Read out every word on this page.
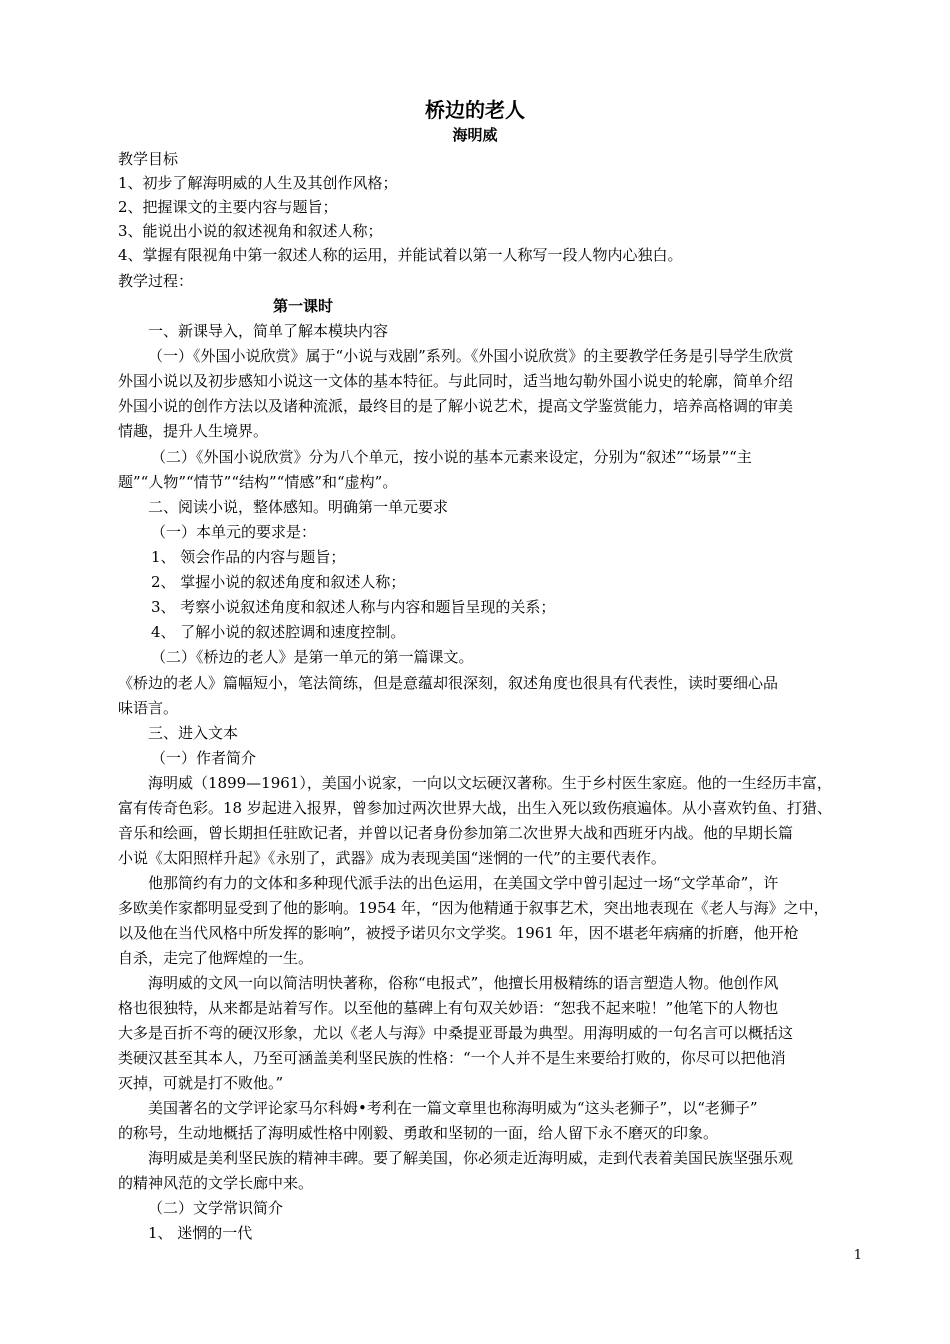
桥边的老人
海明威
教学目标
1、初步了解海明威的人生及其创作风格；
2、把握课文的主要内容与题旨；
3、能说出小说的叙述视角和叙述人称；
4、掌握有限视角中第一叙述人称的运用，并能试着以第一人称写一段人物内心独白。
教学过程：
第一课时
一、新课导入，简单了解本模块内容
（一）《外国小说欣赏》属于“小说与戏剧”系列。《外国小说欣赏》的主要教学任务是引导学生欣赏
外国小说以及初步感知小说这一文体的基本特征。与此同时，适当地勾勒外国小说史的轮廓，简单介绍
外国小说的创作方法以及诸种流派，最终目的是了解小说艺术，提高文学鉴赏能力，培养高格调的审美
情趣，提升人生境界。
（二）《外国小说欣赏》分为八个单元，按小说的基本元素来设定，分别为“叙述”“场景”“主
题”“人物”“情节”“结构”“情感”和“虚构”。
二、阅读小说，整体感知。明确第一单元要求
（一）本单元的要求是：
1、 领会作品的内容与题旨；
2、 掌握小说的叙述角度和叙述人称；
3、 考察小说叙述角度和叙述人称与内容和题旨呈现的关系；
4、 了解小说的叙述腔调和速度控制。
（二）《桥边的老人》是第一单元的第一篇课文。
《桥边的老人》篇幅短小，笔法简练，但是意蕴却很深刻，叙述角度也很具有代表性，读时要细心品
味语言。
三、进入文本
（一）作者简介
海明威（1899—1961），美国小说家，一向以文坛硬汉著称。生于乡村医生家庭。他的一生经历丰富，
富有传奇色彩。18 岁起进入报界，曾参加过两次世界大战，出生入死以致伤痕遍体。从小喜欢钓鱼、打猎、
音乐和绘画，曾长期担任驻欧记者，并曾以记者身份参加第二次世界大战和西班牙内战。他的早期长篇
小说《太阳照样升起》《永别了，武器》成为表现美国“迷惘的一代”的主要代表作。
他那简约有力的文体和多种现代派手法的出色运用，在美国文学中曾引起过一场“文学革命”，许
多欧美作家都明显受到了他的影响。1954 年，“因为他精通于叙事艺术，突出地表现在《老人与海》之中，
以及他在当代风格中所发挥的影响”，被授予诺贝尔文学奖。1961 年，因不堪老年病痛的折磨，他开枪
自杀，走完了他辉煌的一生。
海明威的文风一向以简洁明快著称，俗称“电报式”，他擅长用极精练的语言塑造人物。他创作风
格也很独特，从来都是站着写作。以至他的墓碑上有句双关妙语：“恕我不起来啦！”他笔下的人物也
大多是百折不弯的硬汉形象，尤以《老人与海》中桑提亚哥最为典型。用海明威的一句名言可以概括这
类硬汉甚至其本人，乃至可涵盖美利坚民族的性格：“一个人并不是生来要给打败的，你尽可以把他消
灭掉，可就是打不败他。”
美国著名的文学评论家马尔科姆•考利在一篇文章里也称海明威为“这头老狮子”，以“老狮子”
的称号，生动地概括了海明威性格中刚毅、勇敢和坚韧的一面，给人留下永不磨灭的印象。
海明威是美利坚民族的精神丰碑。要了解美国，你必须走近海明威，走到代表着美国民族坚强乐观
的精神风范的文学长廊中来。
（二）文学常识简介
1、 迷惘的一代
1
